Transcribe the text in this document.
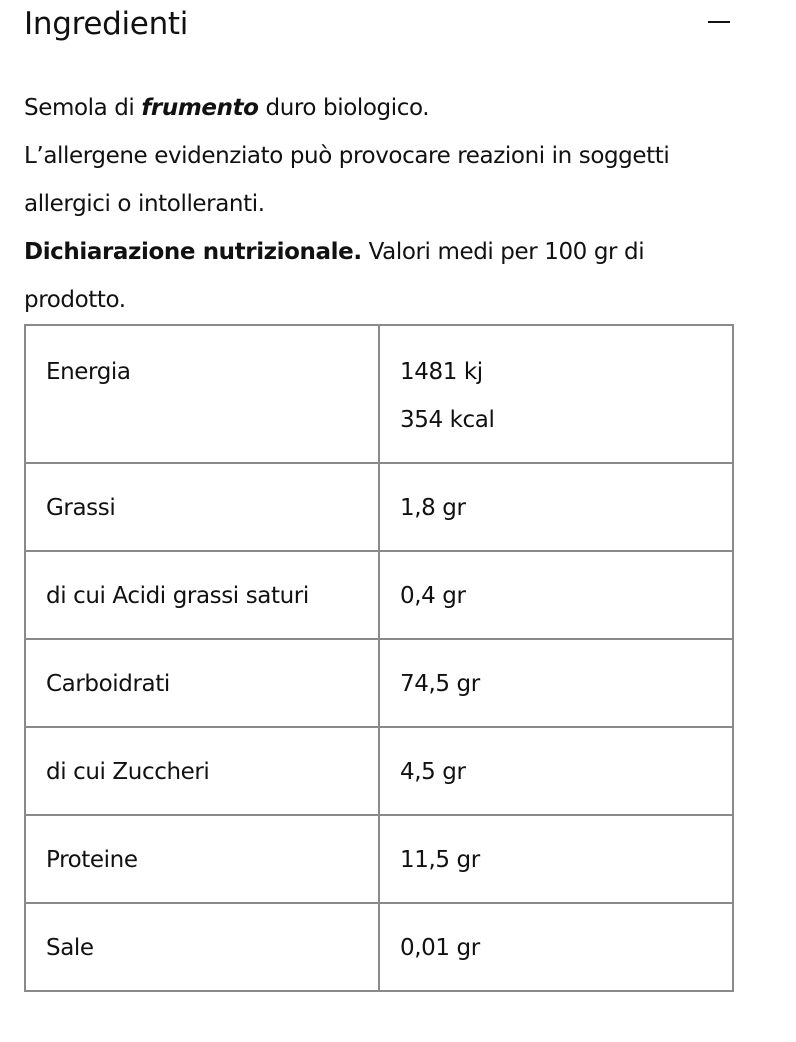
Ingredienti

Semola di frumento duro biologico.

L’allergene evidenziato può provocare reazioni in soggetti allergici o intolleranti.

Dichiarazione nutrizionale. Valori medi per 100 gr di prodotto.

Energia	1481 kj
354 kcal

Grassi	1,8 gr
di cui Acidi grassi saturi	0,4 gr
Carboidrati	74,5 gr
di cui Zuccheri	4,5 gr
Proteine	11,5 gr
Sale	0,01 gr
